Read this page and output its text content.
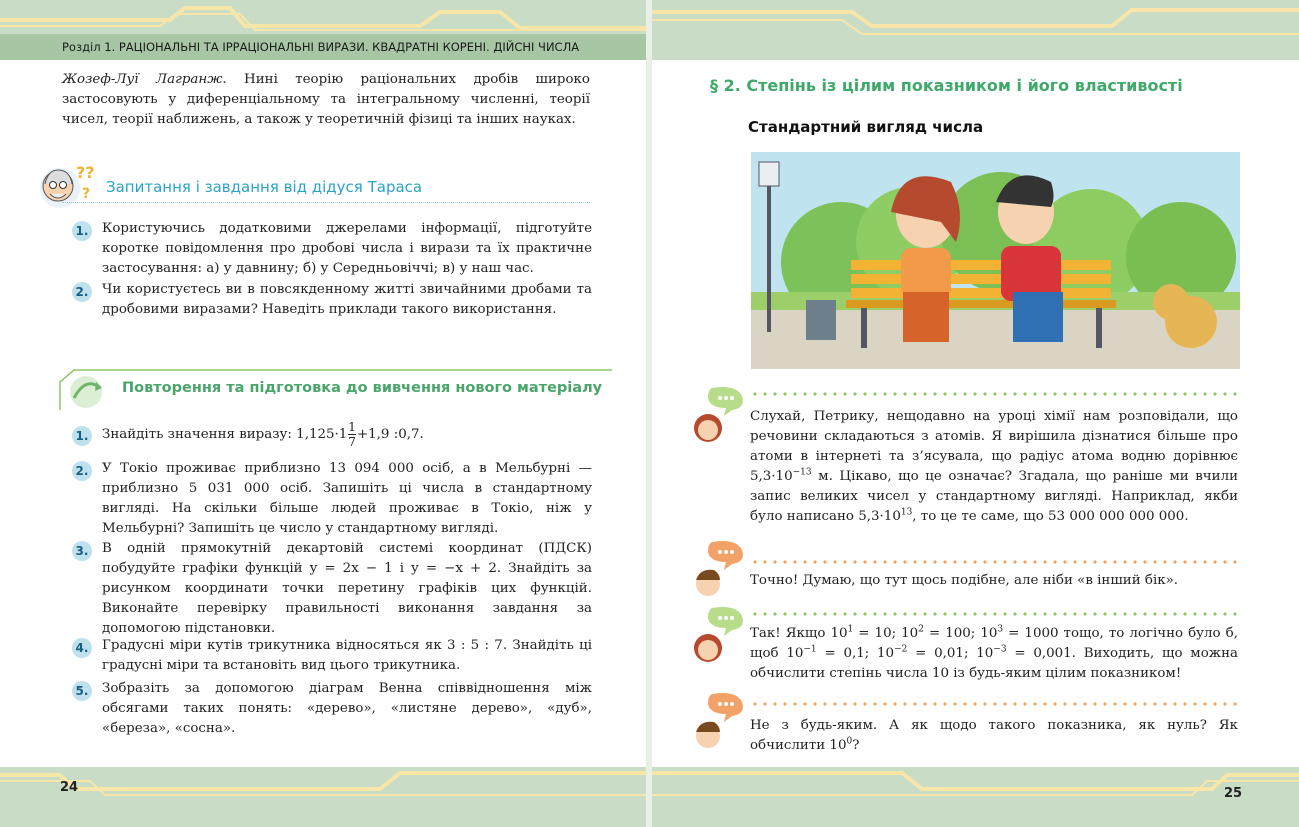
Розділ 1. РАЦІОНАЛЬНІ ТА ІРРАЦІОНАЛЬНІ ВИРАЗИ. КВАДРАТНІ КОРЕНІ. ДІЙСНІ ЧИСЛА
Жозеф-Луї Лагранж. Нині теорію раціональних дробів широко застосовують у диференціальному та інтегральному численні, теорії чисел, теорії наближень, а також у теоретичній фізиці та інших науках.
??
? Запитання і завдання від дідуся Тараса
1. Користуючись додатковими джерелами інформації, підготуйте коротке повідомлення про дробові числа і вирази та їх практичне застосування: а) у давнину; б) у Середньовіччі; в) у наш час.
2. Чи користуєтесь ви в повсякденному житті звичайними дробами та дробовими виразами? Наведіть приклади такого використання.
Повторення та підготовка до вивчення нового матеріалу
1. Знайдіть значення виразу: $1,125\cdot 1 \frac{1}{7} +1,9$ :0,7.
2. У Токіо проживає приблизно 13 094 000 осіб, а в Мельбурні — приблизно 5 031 000 осіб. Запишіть ці числа в стандартному вигляді. На скільки більше людей проживає в Токіо, ніж у Мельбурні? Запишіть це число у стандартному вигляді.
3. В одній прямокутній декартовій системі координат (ПДСК) побудуйте графіки функцій y = 2x − 1 і y = −x + 2. Знайдіть за рисунком координати точки перетину графіків цих функцій. Виконайте перевірку правильності виконання завдання за допомогою підстановки.
4. Градусні міри кутів трикутника відносяться як 3 : 5 : 7. Знайдіть ці градусні міри та встановіть вид цього трикутника.
5. Зобразіть за допомогою діаграм Венна співвідношення між обсягами таких понять: «дерево», «листяне дерево», «дуб», «береза», «сосна».
24
§ 2. Степінь із цілим показником і його властивості
Стандартний вигляд числа
Слухай, Петрику, нещодавно на уроці хімії нам розповідали, що речовини складаються з атомів. Я вирішила дізнатися більше про атоми в інтернеті та з’ясувала, що радіус атома водню дорівнює $5,3\cdot 10^{-13}$ м. Цікаво, що це означає? Згадала, що раніше ми вчили запис великих чисел у стандартному вигляді. Наприклад, якби було написано $5,3\cdot 10^{13}$, то це те саме, що 53 000 000 000 000.
Точно! Думаю, що тут щось подібне, але ніби «в інший бік».
Так! Якщо $10^1 = 10$; $10^2 = 100$; $10^3 = 1000$ тощо, то логічно було б, щоб $10^{-1} = 0,1$; $10^{-2} = 0,01$; $10^{-3} = 0,001$. Виходить, що можна обчислити степінь числа 10 із будь-яким цілим показником!
Не з будь-яким. А як щодо такого показника, як нуль? Як обчислити $10^0$?
25
